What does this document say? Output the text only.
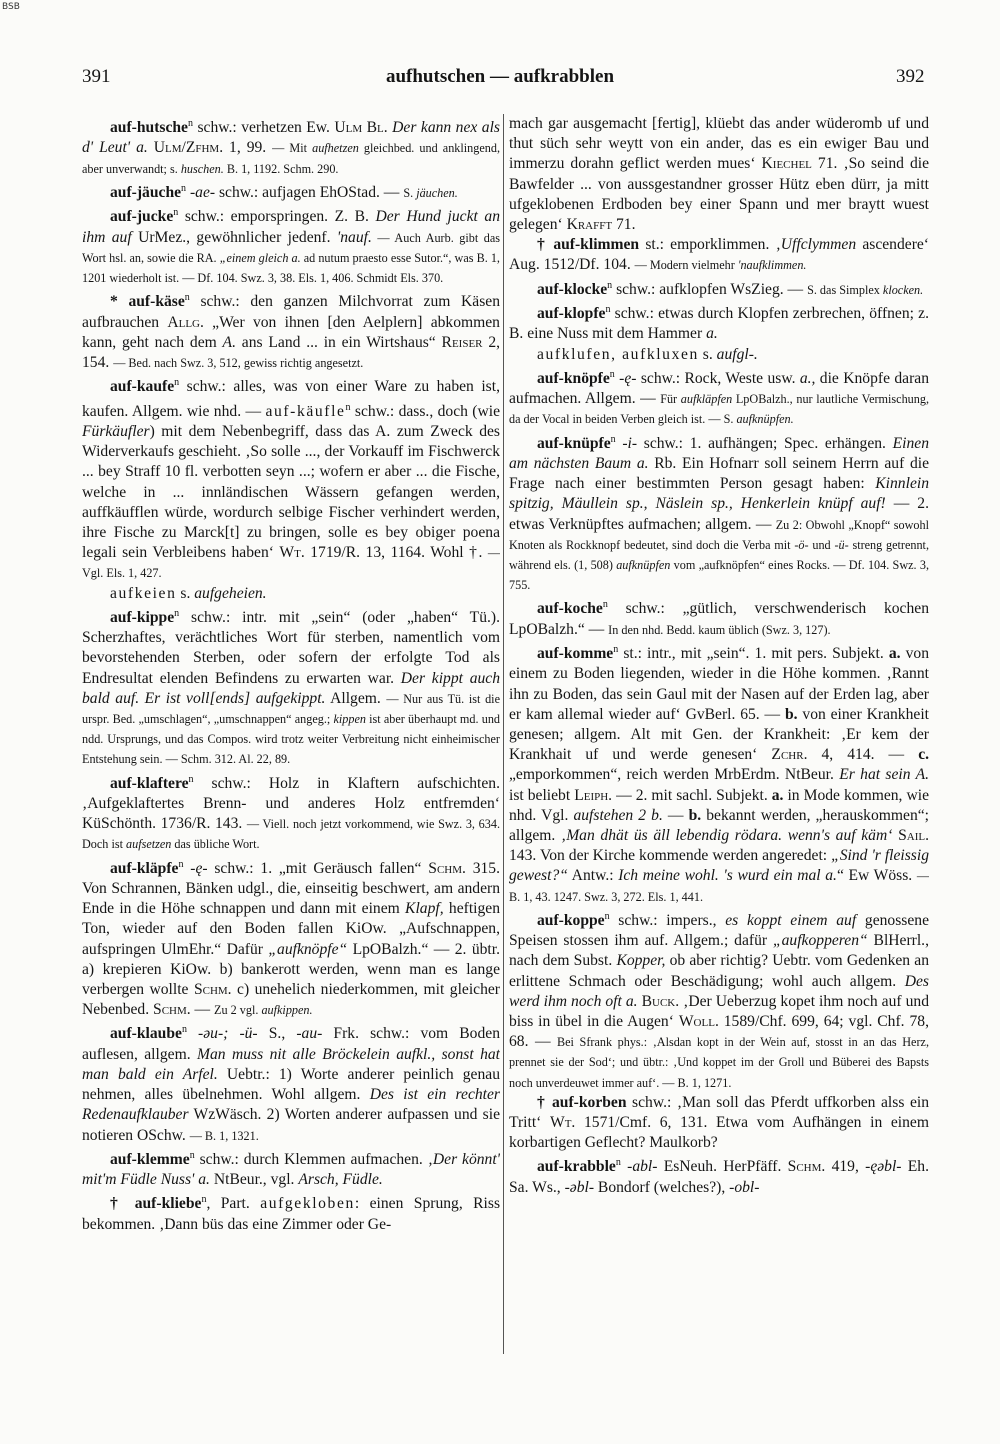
BSB
391	aufhutschen — aufkrabblen	392

auf-hutsche$^n$ schw.: verhetzen Ew. Ulm Bl. Der kann nex als d' Leut' a. Ulm/Zfhm. 1, 99. — Mit aufhetzen gleichbed. und anklingend, aber unverwandt; s. huschen. B. 1, 1192. Schm. 290.

auf-jäuche$^n$ -ae- schw.: aufjagen EhOStad. — S. jäuchen.

auf-jucke$^n$ schw.: emporspringen. Z. B. Der Hund juckt an ihm auf UrMez., gewöhnlicher jedenf. 'nauf. — Auch Aurb. gibt das Wort hsl. an, sowie die RA. „einem gleich a. ad nutum praesto esse Sutor.“, was B. 1, 1201 wiederholt ist. — Df. 104. Swz. 3, 38. Els. 1, 406. Schmidt Els. 370.

* auf-käse$^n$ schw.: den ganzen Milchvorrat zum Käsen aufbrauchen Allg. „Wer von ihnen [den Aelplern] abkommen kann, geht nach dem A. ans Land ... in ein Wirtshaus“ Reiser 2, 154. — Bed. nach Swz. 3, 512, gewiss richtig angesetzt.

auf-kaufe$^n$ schw.: alles, was von einer Ware zu haben ist, kaufen. Allgem. wie nhd. — auf-käufle$^n$ schw.: dass., doch (wie Fürkäufler) mit dem Nebenbegriff, dass das A. zum Zweck des Widerverkaufs geschieht. ‚So solle ..., der Vorkauff im Fischwerck ... bey Straff 10 fl. verbotten seyn ...; wofern er aber ... die Fische, welche in ... innländischen Wässern gefangen werden, auffkäufflen würde, wordurch selbige Fischer verhindert werden, ihre Fische zu Marck[t] zu bringen, solle es bey obiger poena legali sein Verbleibens haben‘ Wt. 1719/R. 13, 1164. Wohl †. — Vgl. Els. 1, 427.

aufkeien s. aufgeheien.

auf-kippe$^n$ schw.: intr. mit „sein“ (oder „haben“ Tü.). Scherzhaftes, verächtliches Wort für sterben, namentlich vom bevorstehenden Sterben, oder sofern der erfolgte Tod als Endresultat elenden Befindens zu erwarten war. Der kippt auch bald auf. Er ist voll[ends] aufgekippt. Allgem. — Nur aus Tü. ist die urspr. Bed. „umschlagen“, „umschnappen“ angeg.; kippen ist aber überhaupt md. und ndd. Ursprungs, und das Compos. wird trotz weiter Verbreitung nicht einheimischer Entstehung sein. — Schm. 312. Al. 22, 89.

auf-klaftere$^n$ schw.: Holz in Klaftern aufschichten. ‚Aufgeklaftertes Brenn- und anderes Holz entfremden‘ KüSchönth. 1736/R. 143. — Viell. noch jetzt vorkommend, wie Swz. 3, 634. Doch ist aufsetzen das übliche Wort.

auf-kläpfe$^n$ -ę- schw.: 1. „mit Geräusch fallen“ Schm. 315. Von Schrannen, Bänken udgl., die, einseitig beschwert, am andern Ende in die Höhe schnappen und dann mit einem Klapf, heftigen Ton, wieder auf den Boden fallen KiOw. „Aufschnappen, aufspringen UlmEhr.“ Dafür „aufknöpfe“ LpOBalzh.“ — 2. übtr. a) krepieren KiOw. b) bankerott werden, wenn man es lange verbergen wollte Schm. c) unehelich niederkommen, mit gleicher Nebenbed. Schm. — Zu 2 vgl. aufkippen.

auf-klaube$^n$ -əu-; -ü- S., -au- Frk. schw.: vom Boden auflesen, allgem. Man muss nit alle Bröckelein aufkl., sonst hat man bald ein Arfel. Uebtr.: 1) Worte anderer peinlich genau nehmen, alles übelnehmen. Wohl allgem. Des ist ein rechter Redenaufklauber WzWäsch. 2) Worten anderer aufpassen und sie notieren OSchw. — B. 1, 1321.

auf-klemme$^n$ schw.: durch Klemmen aufmachen. ‚Der könnt' mit'm Füdle Nuss' a. NtBeur., vgl. Arsch, Füdle.

† auf-kliebe$^n$, Part. aufgekloben: einen Sprung, Riss bekommen. ‚Dann büs das eine Zimmer oder Ge-

mach gar ausgemacht [fertig], klüebt das ander wüderomb uf und thut süch sehr weytt von ein ander, das es ein ewiger Bau und immerzu dorahn geflict werden mues‘ Kiechel 71. ‚So seind die Bawfelder ... von aussgestandner grosser Hütz eben dürr, ja mitt ufgeklobenen Erdboden bey einer Spann und mer braytt wuest gelegen‘ Krafft 71.

† auf-klimmen st.: emporklimmen. ‚Uffclymmen ascendere‘ Aug. 1512/Df. 104. — Modern vielmehr 'naufklimmen.

auf-klocke$^n$ schw.: aufklopfen WsZieg. — S. das Simplex klocken.

auf-klopfe$^n$ schw.: etwas durch Klopfen zerbrechen, öffnen; z. B. eine Nuss mit dem Hammer a.

aufklufen, aufkluxen s. aufgl-.

auf-knöpfe$^n$ -ę- schw.: Rock, Weste usw. a., die Knöpfe daran aufmachen. Allgem. — Für aufkläpfen LpOBalzh., nur lautliche Vermischung, da der Vocal in beiden Verben gleich ist. — S. aufknüpfen.

auf-knüpfe$^n$ -i- schw.: 1. aufhängen; Spec. erhängen. Einen am nächsten Baum a. Rb. Ein Hofnarr soll seinem Herrn auf die Frage nach einer bestimmten Person gesagt haben: Kinnlein spitzig, Mäullein sp., Näslein sp., Henkerlein knüpf auf! — 2. etwas Verknüpftes aufmachen; allgem. — Zu 2: Obwohl „Knopf“ sowohl Knoten als Rockknopf bedeutet, sind doch die Verba mit -ö- und -ü- streng getrennt, während els. (1, 508) aufknüpfen vom „aufknöpfen“ eines Rocks. — Df. 104. Swz. 3, 755.

auf-koche$^n$ schw.: „gütlich, verschwenderisch kochen LpOBalzh.“ — In den nhd. Bedd. kaum üblich (Swz. 3, 127).

auf-komme$^n$ st.: intr., mit „sein“. 1. mit pers. Subjekt. a. von einem zu Boden liegenden, wieder in die Höhe kommen. ‚Rannt ihn zu Boden, das sein Gaul mit der Nasen auf der Erden lag, aber er kam allemal wieder auf‘ GvBerl. 65. — b. von einer Krankheit genesen; allgem. Alt mit Gen. der Krankheit: ‚Er kem der Krankhait uf und werde genesen‘ Zchr. 4, 414. — c. „emporkommen“, reich werden MrbErdm. NtBeur. Er hat sein A. ist beliebt Leiph. — 2. mit sachl. Subjekt. a. in Mode kommen, wie nhd. Vgl. aufstehen 2 b. — b. bekannt werden, „herauskommen“; allgem. ‚Man dhät üs äll lebendig rödara. wenn's auf käm‘ Sail. 143. Von der Kirche kommende werden angeredet: „Sind 'r fleissig gewest?“ Antw.: Ich meine wohl. 's wurd ein mal a.“ Ew Wöss. — B. 1, 43. 1247. Swz. 3, 272. Els. 1, 441.

auf-koppe$^n$ schw.: impers., es koppt einem auf genossene Speisen stossen ihm auf. Allgem.; dafür „aufkopperen“ BlHerrl., nach dem Subst. Kopper, ob aber richtig? Uebtr. vom Gedenken an erlittene Schmach oder Beschädigung; wohl auch allgem. Des werd ihm noch oft a. Buck. ‚Der Ueberzug kopet ihm noch auf und biss in übel in die Augen‘ Woll. 1589/Chf. 699, 64; vgl. Chf. 78, 68. — Bei Sfrank phys.: ‚Alsdan kopt in der Wein auf, stosst in an das Herz, prennet sie der Sod‘; und übtr.: ‚Und koppet im der Groll und Büberei des Bapsts noch unverdeuwet immer auf‘. — B. 1, 1271.

† auf-korben schw.: ‚Man soll das Pferdt uffkorben alss ein Tritt‘ Wt. 1571/Cmf. 6, 131. Etwa vom Aufhängen in einem korbartigen Geflecht? Maulkorb?

auf-krabble$^n$ -abl- EsNeuh. HerPfäff. Schm. 419, -ęəbl- Eh. Sa. Ws., -əbl- Bondorf (welches?), -obl-
